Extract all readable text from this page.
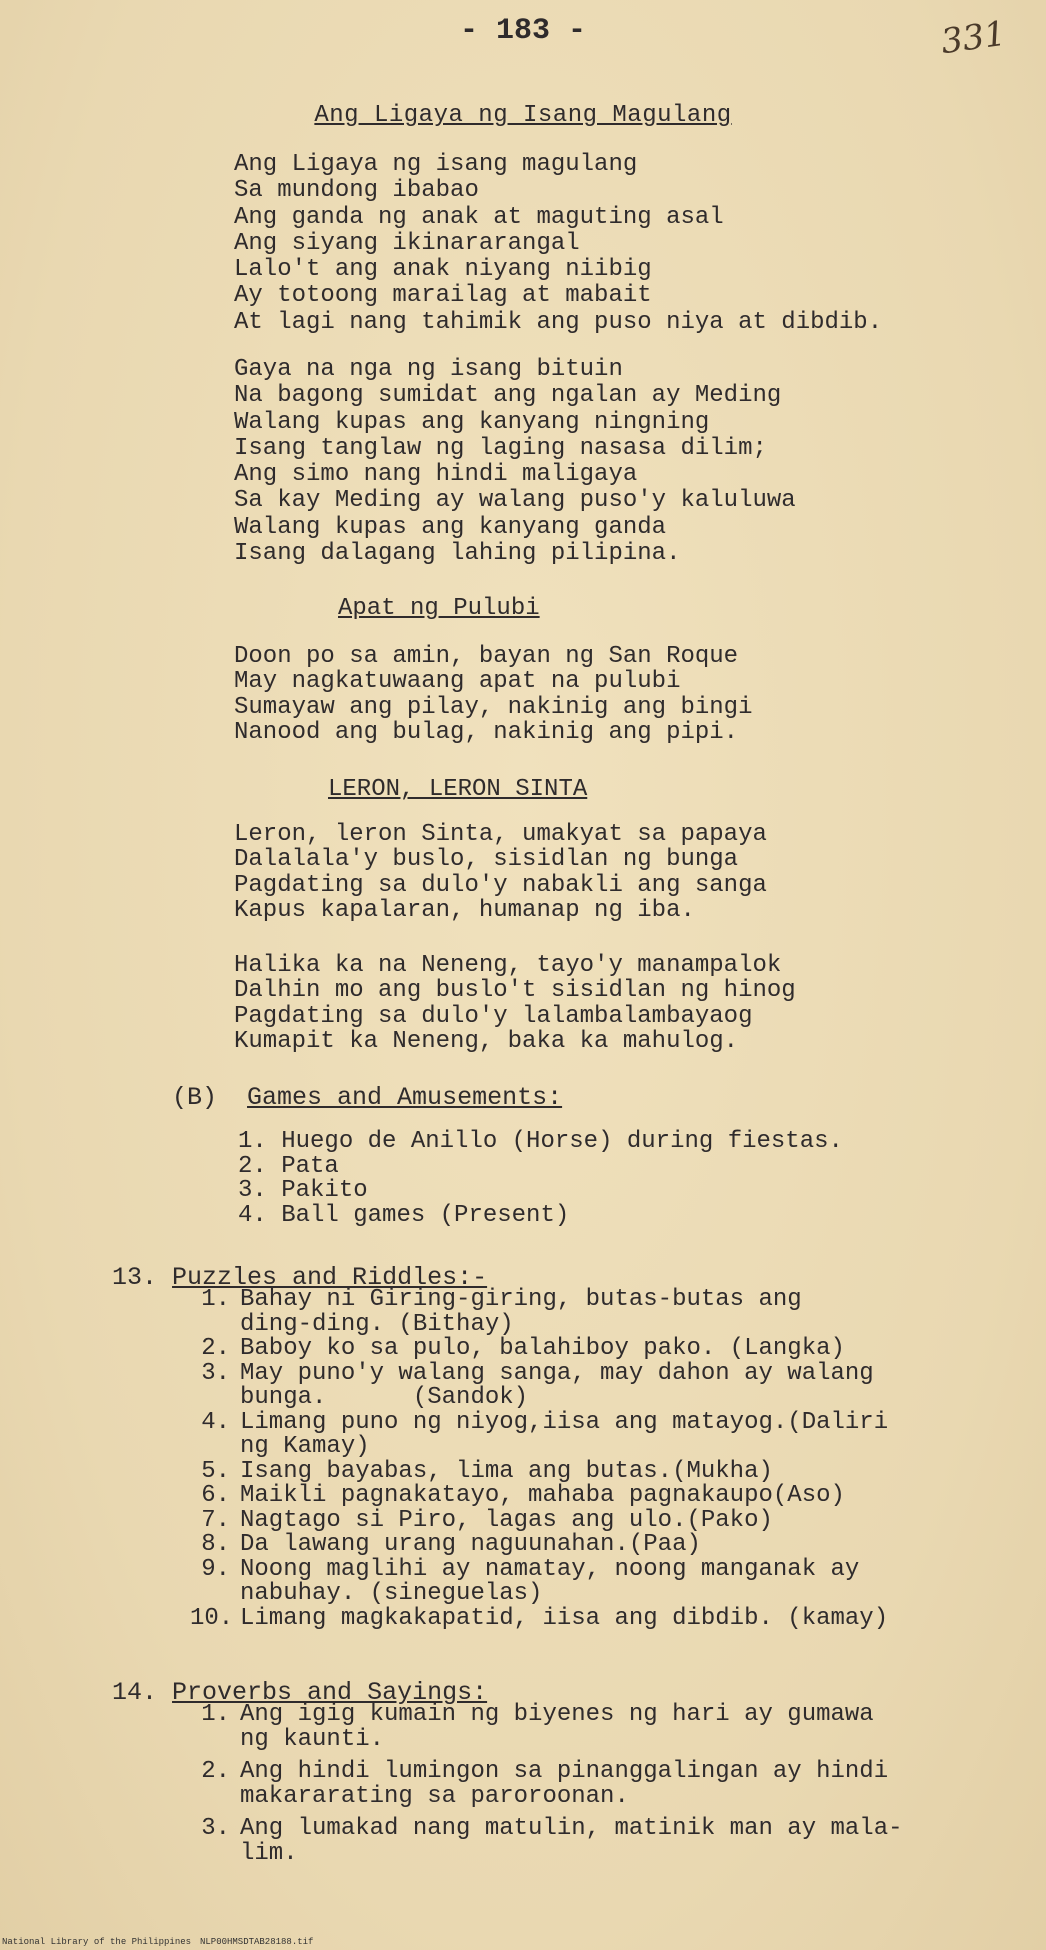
- 183 -	331
Ang Ligaya ng Isang Magulang
Ang Ligaya ng isang magulang
Sa mundong ibabao
Ang ganda ng anak at maguting asal
Ang siyang ikinararangal
Lalo't ang anak niyang niibig
Ay totoong marailag at mabait
At lagi nang tahimik ang puso niya at dibdib.
Gaya na nga ng isang bituin
Na bagong sumidat ang ngalan ay Meding
Walang kupas ang kanyang ningning
Isang tanglaw ng laging nasasa dilim;
Ang simo nang hindi maligaya
Sa kay Meding ay walang puso'y kaluluwa
Walang kupas ang kanyang ganda
Isang dalagang lahing pilipina.
Apat ng Pulubi
Doon po sa amin, bayan ng San Roque
May nagkatuwaang apat na pulubi
Sumayaw ang pilay, nakinig ang bingi
Nanood ang bulag, nakinig ang pipi.
LERON, LERON SINTA
Leron, leron Sinta, umakyat sa papaya
Dalalala'y buslo, sisidlan ng bunga
Pagdating sa dulo'y nabakli ang sanga
Kapus kapalaran, humanap ng iba.
Halika ka na Neneng, tayo'y manampalok
Dalhin mo ang buslo't sisidlan ng hinog
Pagdating sa dulo'y lalambalambayaog
Kumapit ka Neneng, baka ka mahulog.
(B) Games and Amusements:
1. Huego de Anillo (Horse) during fiestas.
2. Pata
3. Pakito
4. Ball games (Present)
13. Puzzles and Riddles:-
1. Bahay ni Giring-giring, butas-butas ang
ding-ding. (Bithay)
2. Baboy ko sa pulo, balahiboy pako. (Langka)
3. May puno'y walang sanga, may dahon ay walang
bunga.      (Sandok)
4. Limang puno ng niyog,iisa ang matayog.(Daliri
ng Kamay)
5. Isang bayabas, lima ang butas.(Mukha)
6. Maikli pagnakatayo, mahaba pagnakaupo(Aso)
7. Nagtago si Piro, lagas ang ulo.(Pako)
8. Da lawang urang naguunahan.(Paa)
9. Noong maglihi ay namatay, noong manganak ay
nabuhay. (sineguelas)
10. Limang magkakapatid, iisa ang dibdib. (kamay)
14. Proverbs and Sayings:
1. Ang igig kumain ng biyenes ng hari ay gumawa
ng kaunti.
2. Ang hindi lumingon sa pinanggalingan ay hindi
makararating sa paroroonan.
3. Ang lumakad nang matulin, matinik man ay mala-
lim.
National Library of the Philippines NLP00HMSDTAB28188.tif
